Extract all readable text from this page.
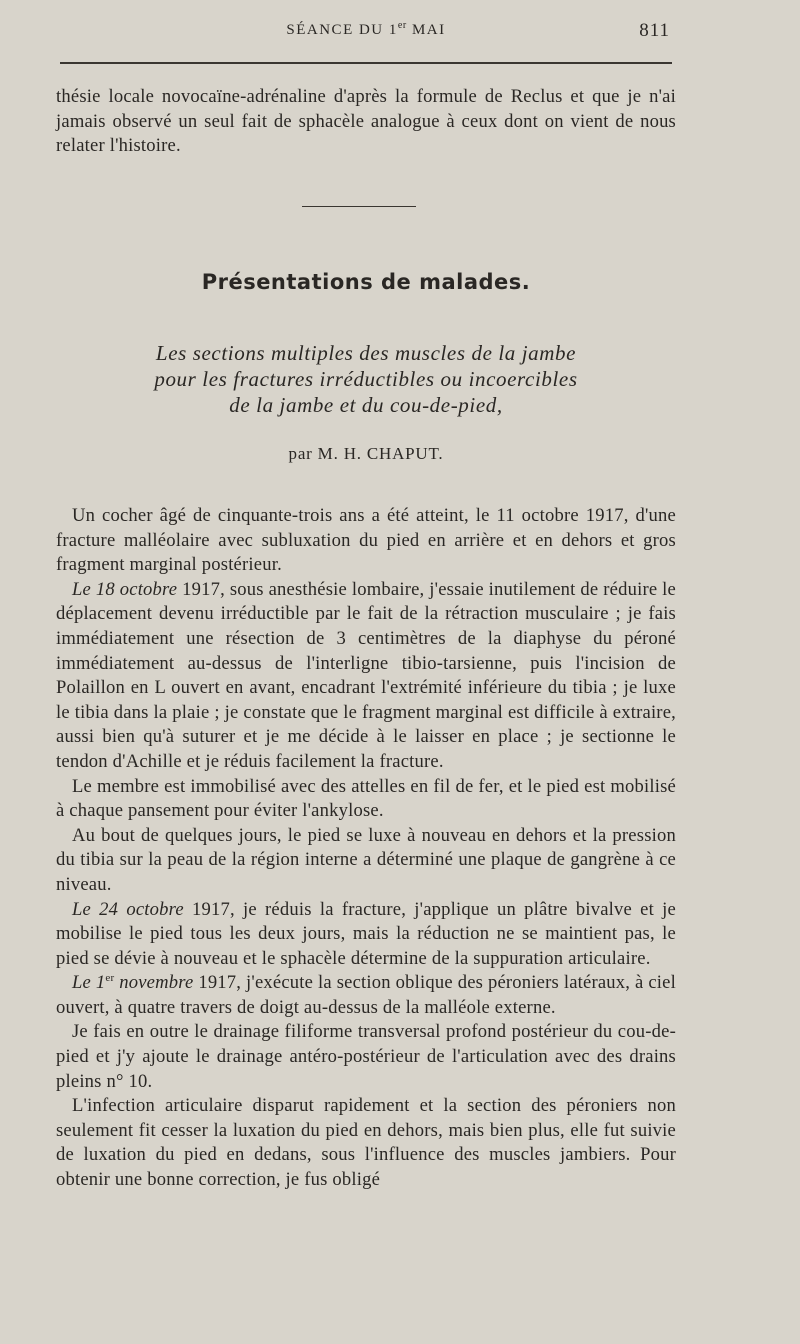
SÉANCE DU 1er MAI	811

thésie locale novocaïne-adrénaline d'après la formule de Reclus et que je n'ai jamais observé un seul fait de sphacèle analogue à ceux dont on vient de nous relater l'histoire.

Présentations de malades.
Les sections multiples des muscles de la jambe
pour les fractures irréductibles ou incoercibles
de la jambe et du cou-de-pied,
par M. H. CHAPUT.

Un cocher âgé de cinquante-trois ans a été atteint, le 11 octobre 1917, d'une fracture malléolaire avec subluxation du pied en arrière et en dehors et gros fragment marginal postérieur.

Le 18 octobre 1917, sous anesthésie lombaire, j'essaie inutilement de réduire le déplacement devenu irréductible par le fait de la rétraction musculaire ; je fais immédiatement une résection de 3 centimètres de la diaphyse du péroné immédiatement au-dessus de l'interligne tibio-tarsienne, puis l'incision de Polaillon en L ouvert en avant, encadrant l'extrémité inférieure du tibia ; je luxe le tibia dans la plaie ; je constate que le fragment marginal est difficile à extraire, aussi bien qu'à suturer et je me décide à le laisser en place ; je sectionne le tendon d'Achille et je réduis facilement la fracture.

Le membre est immobilisé avec des attelles en fil de fer, et le pied est mobilisé à chaque pansement pour éviter l'ankylose.

Au bout de quelques jours, le pied se luxe à nouveau en dehors et la pression du tibia sur la peau de la région interne a déterminé une plaque de gangrène à ce niveau.

Le 24 octobre 1917, je réduis la fracture, j'applique un plâtre bivalve et je mobilise le pied tous les deux jours, mais la réduction ne se maintient pas, le pied se dévie à nouveau et le sphacèle détermine de la suppuration articulaire.

Le 1er novembre 1917, j'exécute la section oblique des péroniers latéraux, à ciel ouvert, à quatre travers de doigt au-dessus de la malléole externe.

Je fais en outre le drainage filiforme transversal profond postérieur du cou-de-pied et j'y ajoute le drainage antéro-postérieur de l'articulation avec des drains pleins n° 10.

L'infection articulaire disparut rapidement et la section des péroniers non seulement fit cesser la luxation du pied en dehors, mais bien plus, elle fut suivie de luxation du pied en dedans, sous l'influence des muscles jambiers. Pour obtenir une bonne correction, je fus obligé
